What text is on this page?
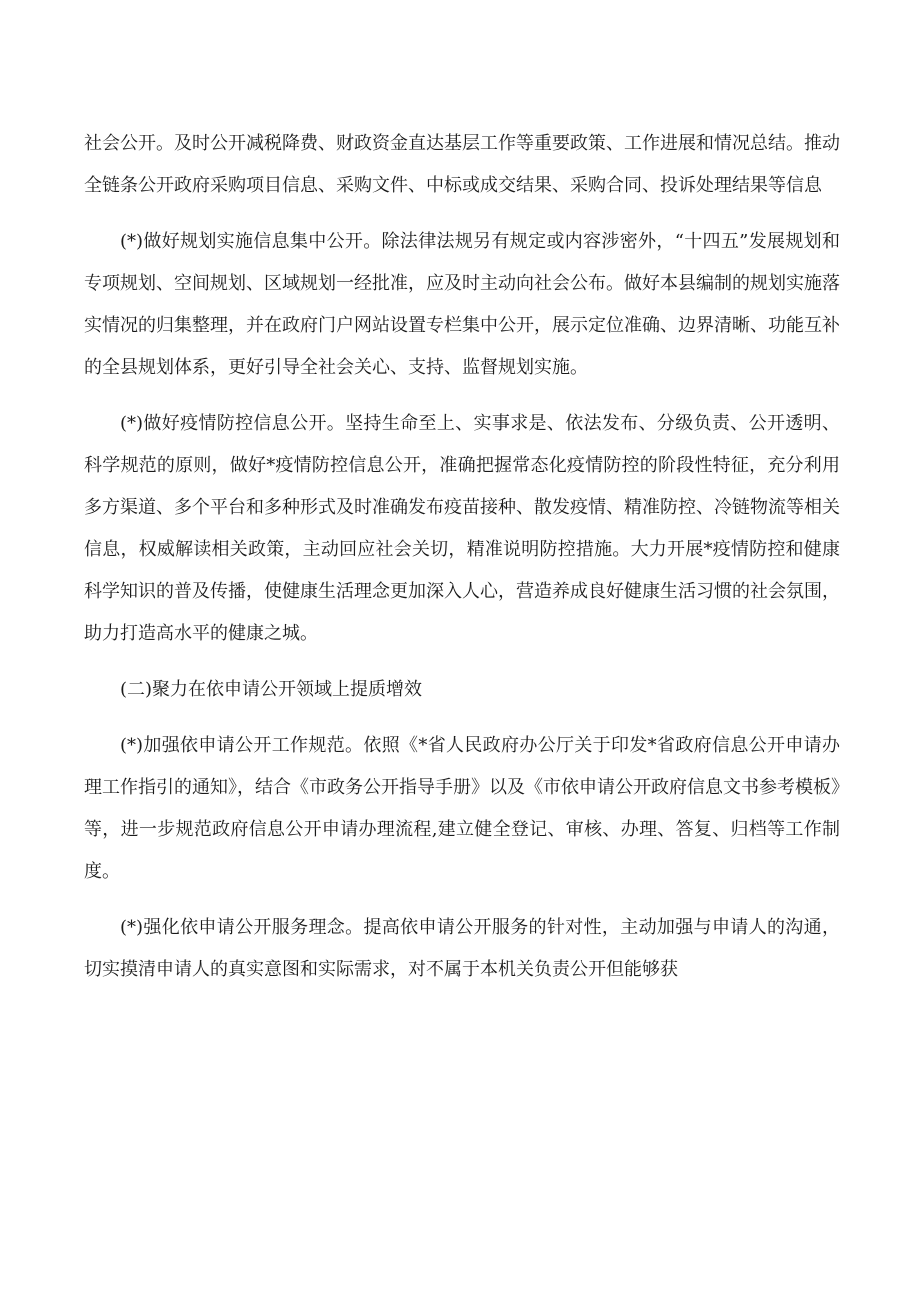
社会公开。及时公开减税降费、财政资金直达基层工作等重要政策、工作进展和情况总结。推动全链条公开政府采购项目信息、采购文件、中标或成交结果、采购合同、投诉处理结果等信息

(*)做好规划实施信息集中公开。除法律法规另有规定或内容涉密外，“十四五”发展规划和专项规划、空间规划、区域规划一经批准，应及时主动向社会公布。做好本县编制的规划实施落实情况的归集整理，并在政府门户网站设置专栏集中公开，展示定位准确、边界清晰、功能互补的全县规划体系，更好引导全社会关心、支持、监督规划实施。

(*)做好疫情防控信息公开。坚持生命至上、实事求是、依法发布、分级负责、公开透明、科学规范的原则，做好*疫情防控信息公开，准确把握常态化疫情防控的阶段性特征，充分利用多方渠道、多个平台和多种形式及时准确发布疫苗接种、散发疫情、精准防控、冷链物流等相关信息，权威解读相关政策，主动回应社会关切，精准说明防控措施。大力开展*疫情防控和健康科学知识的普及传播，使健康生活理念更加深入人心，营造养成良好健康生活习惯的社会氛围，助力打造高水平的健康之城。

(二)聚力在依申请公开领域上提质增效

(*)加强依申请公开工作规范。依照《*省人民政府办公厅关于印发*省政府信息公开申请办理工作指引的通知》，结合《市政务公开指导手册》以及《市依申请公开政府信息文书参考模板》等，进一步规范政府信息公开申请办理流程,建立健全登记、审核、办理、答复、归档等工作制度。

(*)强化依申请公开服务理念。提高依申请公开服务的针对性，主动加强与申请人的沟通，切实摸清申请人的真实意图和实际需求，对不属于本机关负责公开但能够获
